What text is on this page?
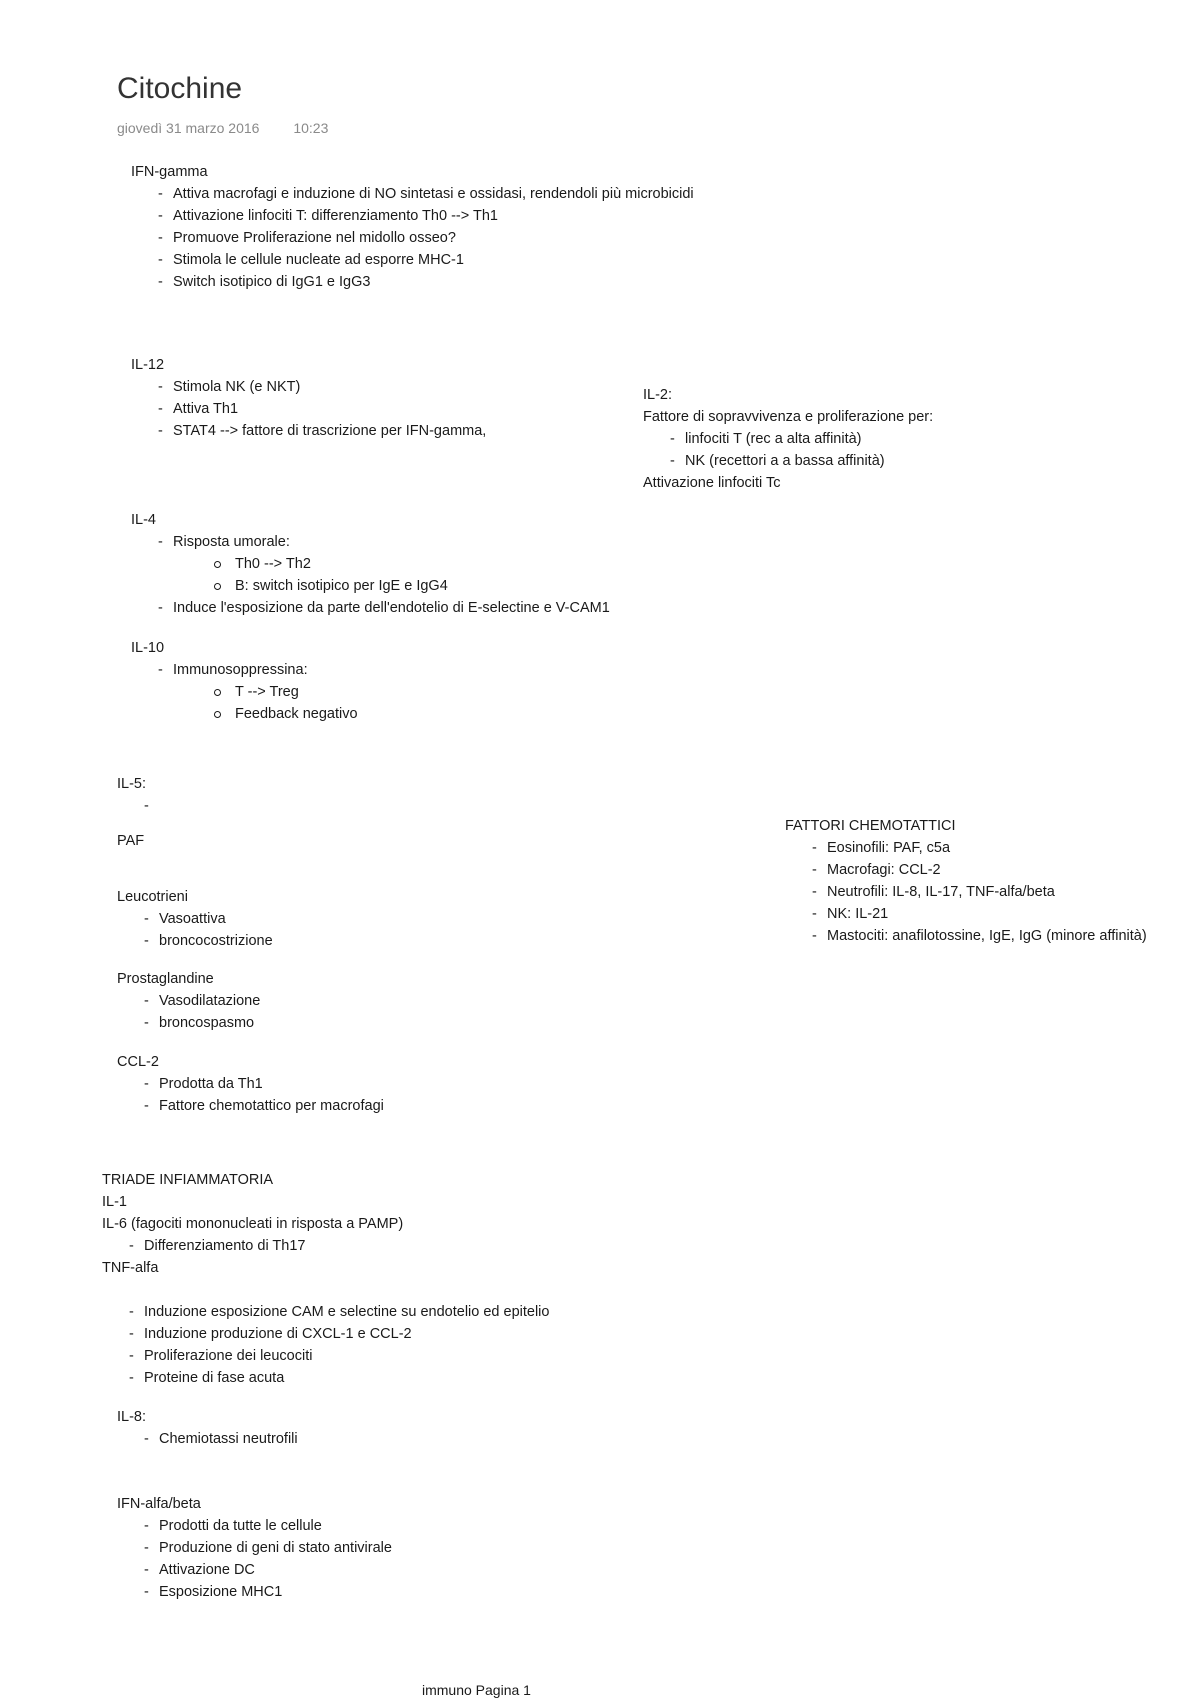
Citochine
giovedì 31 marzo 2016 10:23
IFN-gamma
- Attiva macrofagi e induzione di NO sintetasi e ossidasi, rendendoli più microbicidi
- Attivazione linfociti T: differenziamento Th0 --> Th1
- Promuove Proliferazione nel midollo osseo?
- Stimola le cellule nucleate ad esporre MHC-1
- Switch isotipico di IgG1 e IgG3
IL-12
- Stimola NK (e NKT)
- Attiva Th1
- STAT4 --> fattore di trascrizione per IFN-gamma,
IL-2:
Fattore di sopravvivenza e proliferazione per:
- linfociti T (rec a alta affinità)
- NK (recettori a a bassa affinità)
Attivazione linfociti Tc
IL-4
- Risposta umorale:
Th0 --> Th2
B: switch isotipico per IgE e IgG4
- Induce l'esposizione da parte dell'endotelio di E-selectine e V-CAM1
IL-10
- Immunosoppressina:
T --> Treg
Feedback negativo
IL-5:
-
PAF
FATTORI CHEMOTATTICI
- Eosinofili: PAF, c5a
- Macrofagi: CCL-2
- Neutrofili: IL-8, IL-17, TNF-alfa/beta
- NK: IL-21
- Mastociti: anafilotossine, IgE, IgG (minore affinità)
Leucotrieni
- Vasoattiva
- broncocostrizione
Prostaglandine
- Vasodilatazione
- broncospasmo
CCL-2
- Prodotta da Th1
- Fattore chemotattico per macrofagi
TRIADE INFIAMMATORIA
IL-1
IL-6 (fagociti mononucleati in risposta a PAMP)
- Differenziamento di Th17
TNF-alfa
- Induzione esposizione CAM e selectine su endotelio ed epitelio
- Induzione produzione di CXCL-1 e CCL-2
- Proliferazione dei leucociti
- Proteine di fase acuta
IL-8:
- Chemiotassi neutrofili
IFN-alfa/beta
- Prodotti da tutte le cellule
- Produzione di geni di stato antivirale
- Attivazione DC
- Esposizione MHC1
immuno Pagina 1
